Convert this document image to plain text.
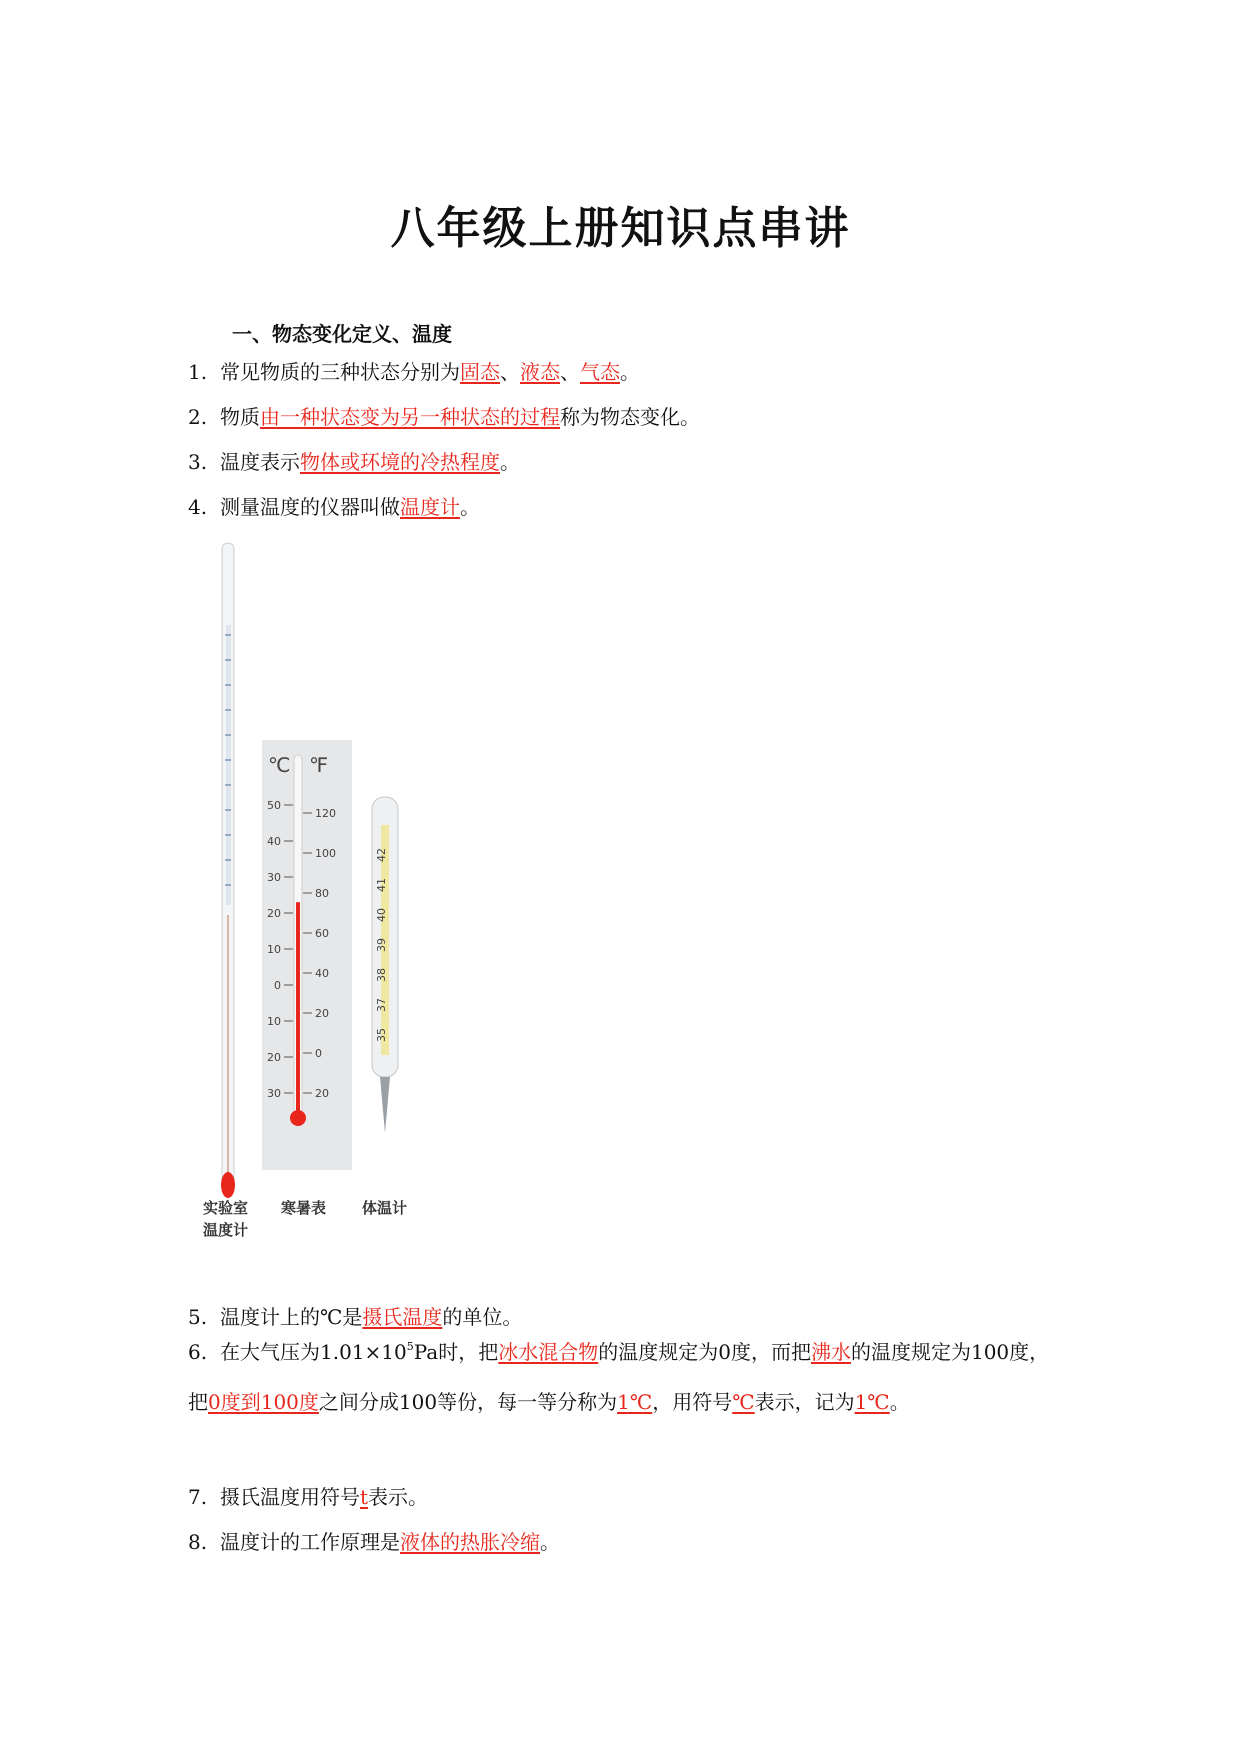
八年级上册知识点串讲
一、物态变化定义、温度
1. 常见物质的三种状态分别为固态、液态、气态。
2. 物质由一种状态变为另一种状态的过程称为物态变化。
3. 温度表示物体或环境的冷热程度。
4. 测量温度的仪器叫做温度计。
℃ ℉
50
40
30
20
10
0
10
20
30
120
100
80
60
40
20
0
20
35
37
38
39
40
41
42
实验室
温度计
寒暑表 体温计
5. 温度计上的℃是摄氏温度的单位。
6. 在大气压为$1.01\times 10^5Pa$时，把冰水混合物的温度规定为0度，而把沸水的温度规定为100度，把0度到100度之间分成100等份，每一等分称为1℃，用符号℃表示，记为1℃。
7. 摄氏温度用符号t表示。
8. 温度计的工作原理是液体的热胀冷缩。
